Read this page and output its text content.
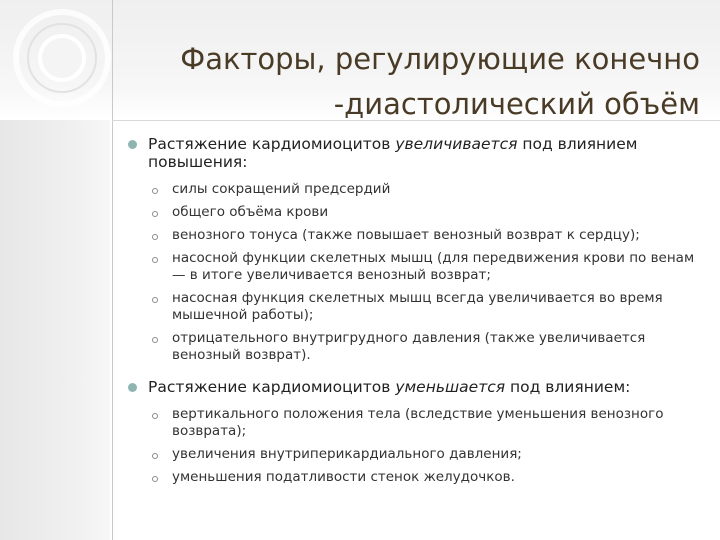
Факторы, регулирующие конечно
-диастолический объём
Растяжение кардиомиоцитов увеличивается под влиянием повышения:
силы сокращений предсердий
общего объёма крови
венозного тонуса (также повышает венозный возврат к сердцу);
насосной функции скелетных мышц (для передвижения крови по венам — в итоге увеличивается венозный возврат;
насосная функция скелетных мышц всегда увеличивается во время мышечной работы);
отрицательного внутригрудного давления (также увеличивается венозный возврат).
Растяжение кардиомиоцитов уменьшается под влиянием:
вертикального положения тела (вследствие уменьшения венозного возврата);
увеличения внутриперикардиального давления;
уменьшения податливости стенок желудочков.
